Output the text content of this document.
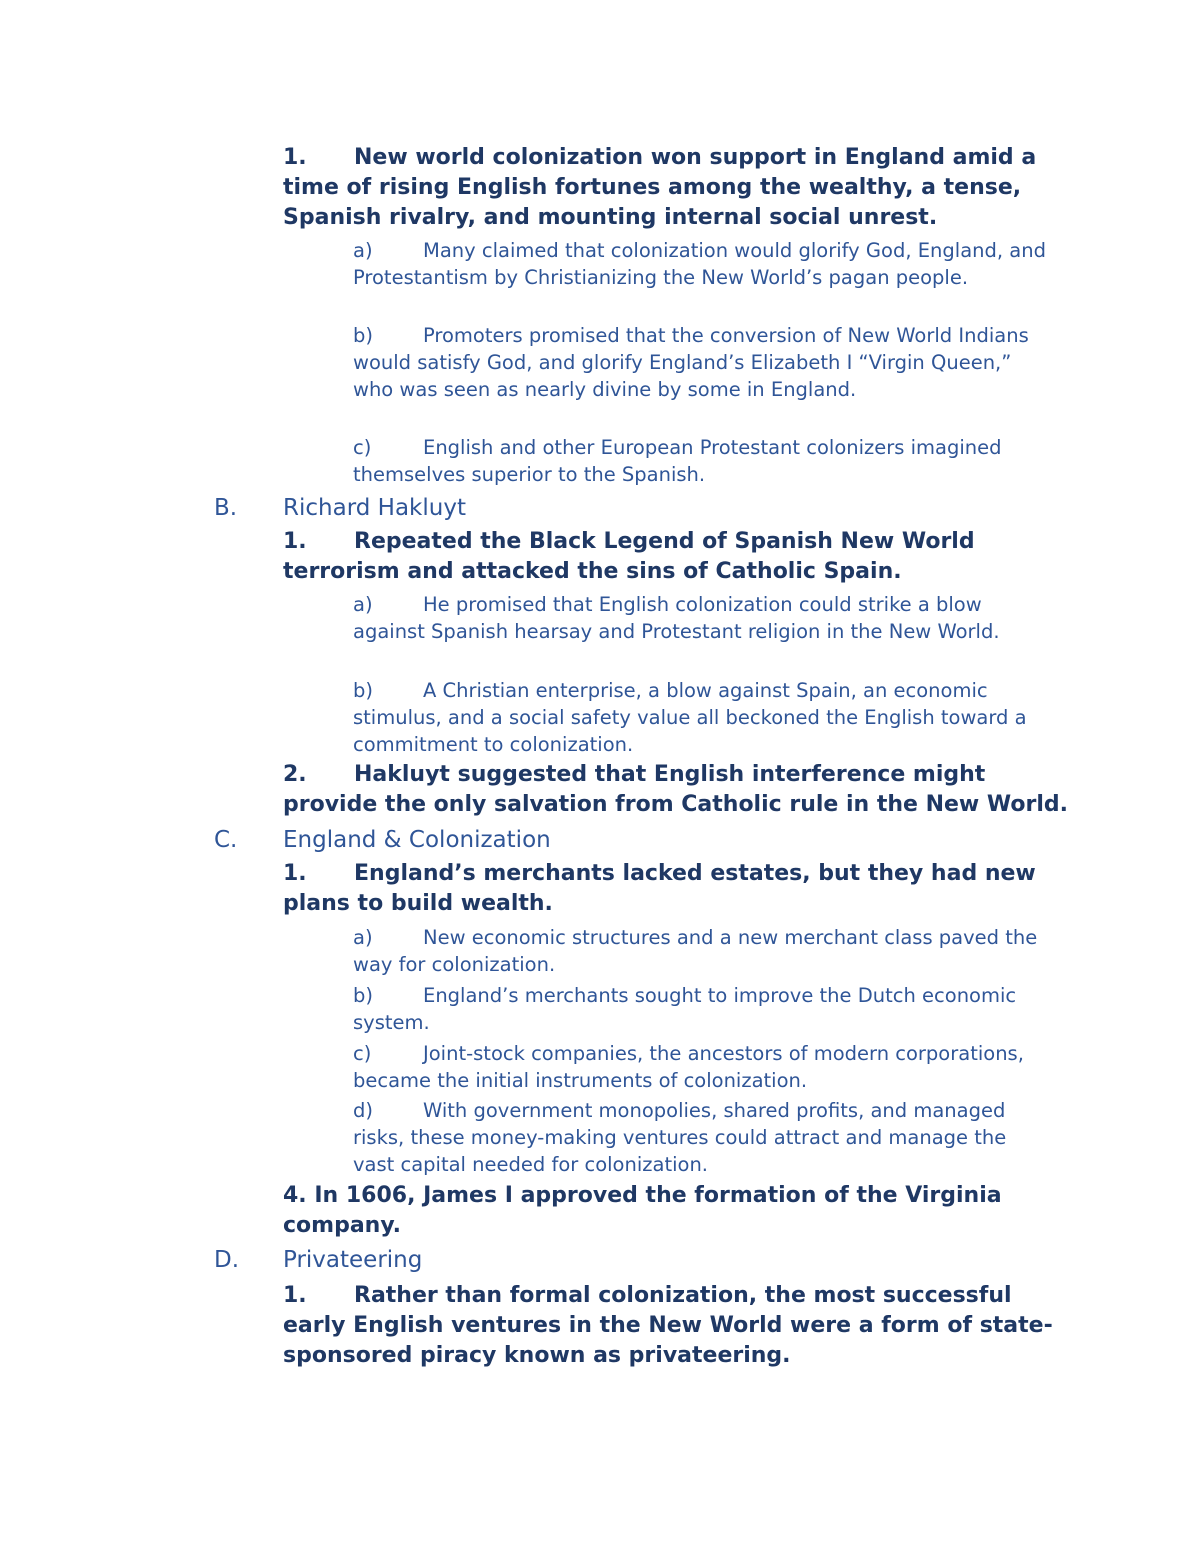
1. New world colonization won support in England amid a time of rising English fortunes among the wealthy, a tense, Spanish rivalry, and mounting internal social unrest.
a)	Many claimed that colonization would glorify God, England, and Protestantism by Christianizing the New World’s pagan people.
b)	Promoters promised that the conversion of New World Indians would satisfy God, and glorify England’s Elizabeth I “Virgin Queen,” who was seen as nearly divine by some in England.
c)	English and other European Protestant colonizers imagined themselves superior to the Spanish.
B. Richard Hakluyt
1. Repeated the Black Legend of Spanish New World terrorism and attacked the sins of Catholic Spain.
a)	He promised that English colonization could strike a blow against Spanish hearsay and Protestant religion in the New World.
b)	A Christian enterprise, a blow against Spain, an economic stimulus, and a social safety value all beckoned the English toward a commitment to colonization.
2. Hakluyt suggested that English interference might provide the only salvation from Catholic rule in the New World.
C. England & Colonization
1. England’s merchants lacked estates, but they had new plans to build wealth.
a)	New economic structures and a new merchant class paved the way for colonization.
b)	England’s merchants sought to improve the Dutch economic system.
c)	Joint-stock companies, the ancestors of modern corporations, became the initial instruments of colonization.
d)	With government monopolies, shared profits, and managed risks, these money-making ventures could attract and manage the vast capital needed for colonization.
4. In 1606, James I approved the formation of the Virginia company.
D. Privateering
1. Rather than formal colonization, the most successful early English ventures in the New World were a form of state-sponsored piracy known as privateering.
